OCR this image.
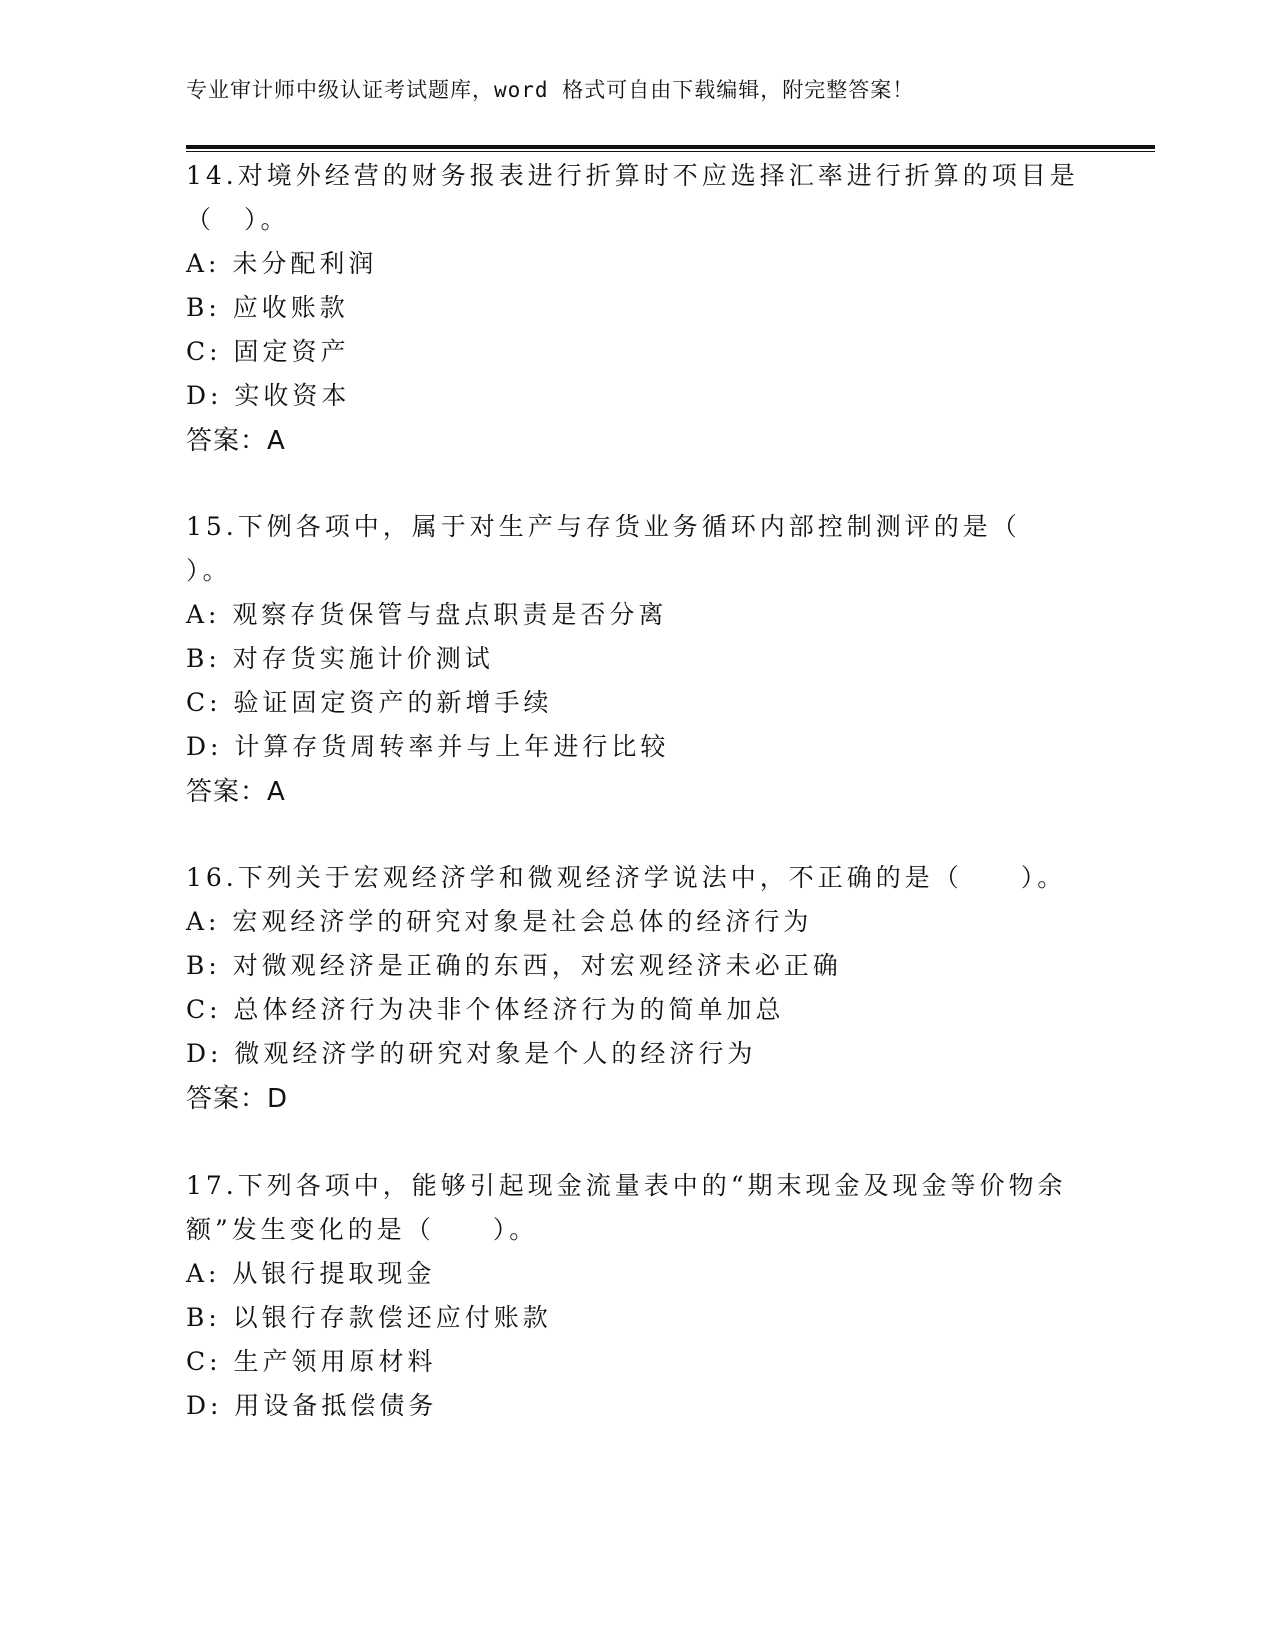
专业审计师中级认证考试题库，word 格式可自由下载编辑，附完整答案！
14.对境外经营的财务报表进行折算时不应选择汇率进行折算的项目是
（　）。
A: 未分配利润
B: 应收账款
C: 固定资产
D: 实收资本
答案：A
15.下例各项中，属于对生产与存货业务循环内部控制测评的是（
）。
A: 观察存货保管与盘点职责是否分离
B: 对存货实施计价测试
C: 验证固定资产的新增手续
D: 计算存货周转率并与上年进行比较
答案：A
16.下列关于宏观经济学和微观经济学说法中，不正确的是（　　）。
A: 宏观经济学的研究对象是社会总体的经济行为
B: 对微观经济是正确的东西，对宏观经济未必正确
C: 总体经济行为决非个体经济行为的简单加总
D: 微观经济学的研究对象是个人的经济行为
答案：D
17.下列各项中，能够引起现金流量表中的“期末现金及现金等价物余
额”发生变化的是（　　）。
A: 从银行提取现金
B: 以银行存款偿还应付账款
C: 生产领用原材料
D: 用设备抵偿债务
